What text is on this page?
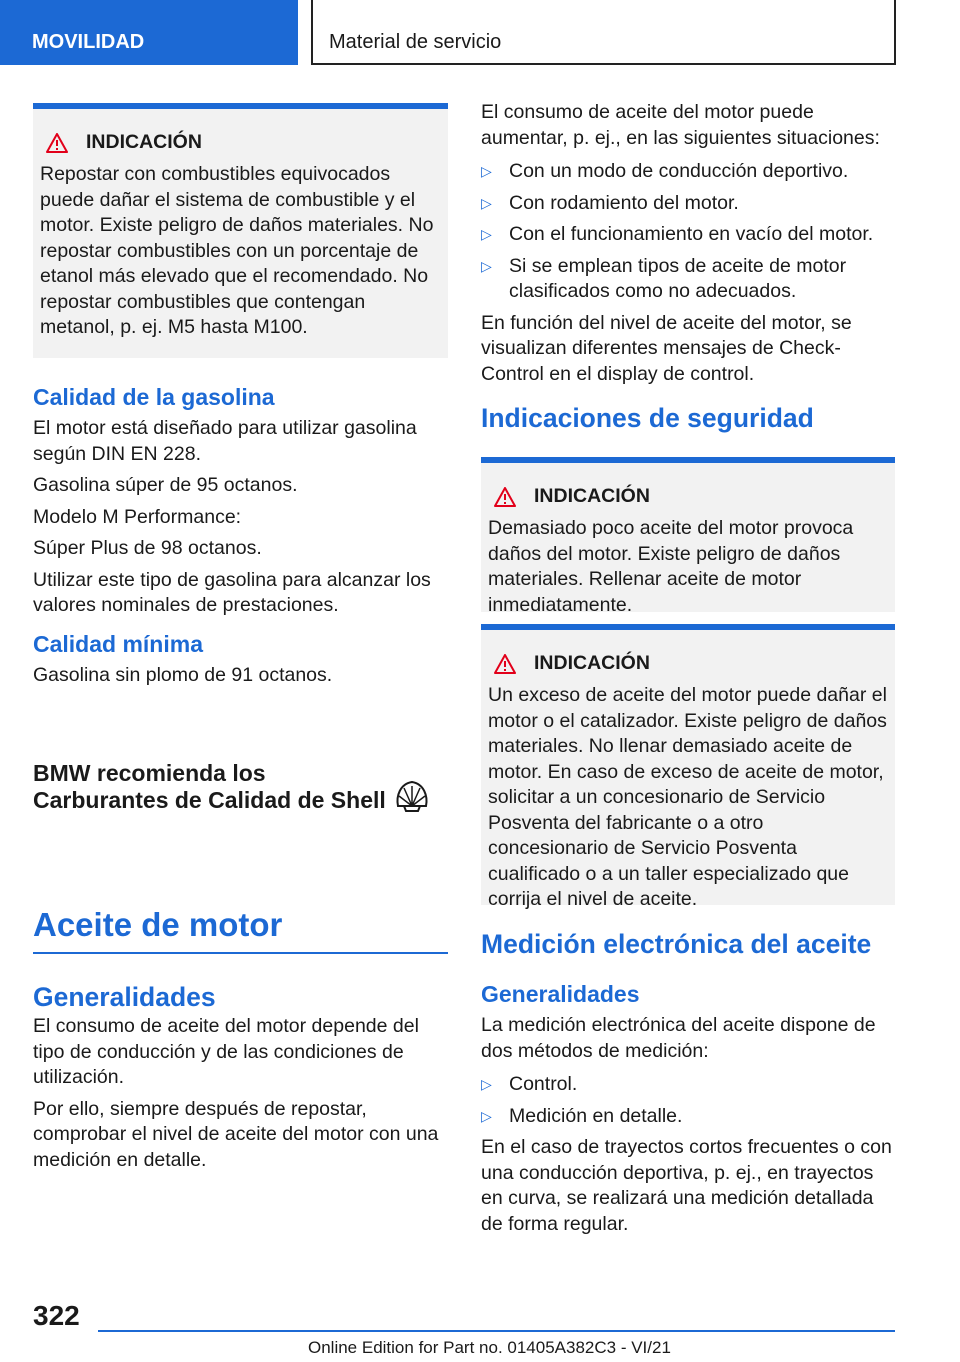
MOVILIDAD	Material de servicio
INDICACIÓN

Repostar con combustibles equivocados puede dañar el sistema de combustible y el motor. Existe peligro de daños materiales. No repostar combustibles con un porcentaje de etanol más elevado que el recomendado. No repostar combustibles que contengan metanol, p. ej. M5 hasta M100.

Calidad de la gasolina

El motor está diseñado para utilizar gasolina según DIN EN 228.

Gasolina súper de 95 octanos.

Modelo M Performance:

Súper Plus de 98 octanos.

Utilizar este tipo de gasolina para alcanzar los valores nominales de prestaciones.

Calidad mínima

Gasolina sin plomo de 91 octanos.

BMW recomienda los
Carburantes de Calidad de Shell
Aceite de motor
Generalidades

El consumo de aceite del motor depende del tipo de conducción y de las condiciones de utilización.

Por ello, siempre después de repostar, comprobar el nivel de aceite del motor con una medición en detalle.

El consumo de aceite del motor puede aumentar, p. ej., en las siguientes situaciones:

▷ Con un modo de conducción deportivo.
▷ Con rodamiento del motor.
▷ Con el funcionamiento en vacío del motor.
▷ Si se emplean tipos de aceite de motor clasificados como no adecuados.

En función del nivel de aceite del motor, se visualizan diferentes mensajes de Check-Control en el display de control.

Indicaciones de seguridad
INDICACIÓN

Demasiado poco aceite del motor provoca daños del motor. Existe peligro de daños materiales. Rellenar aceite de motor inmediatamente.

INDICACIÓN

Un exceso de aceite del motor puede dañar el motor o el catalizador. Existe peligro de daños materiales. No llenar demasiado aceite de motor. En caso de exceso de aceite de motor, solicitar a un concesionario de Servicio Posventa del fabricante o a otro concesionario de Servicio Posventa cualificado o a un taller especializado que corrija el nivel de aceite.

Medición electrónica del aceite
Generalidades

La medición electrónica del aceite dispone de dos métodos de medición:

▷ Control.
▷ Medición en detalle.

En el caso de trayectos cortos frecuentes o con una conducción deportiva, p. ej., en trayectos en curva, se realizará una medición detallada de forma regular.

322
Online Edition for Part no. 01405A382C3 - VI/21
